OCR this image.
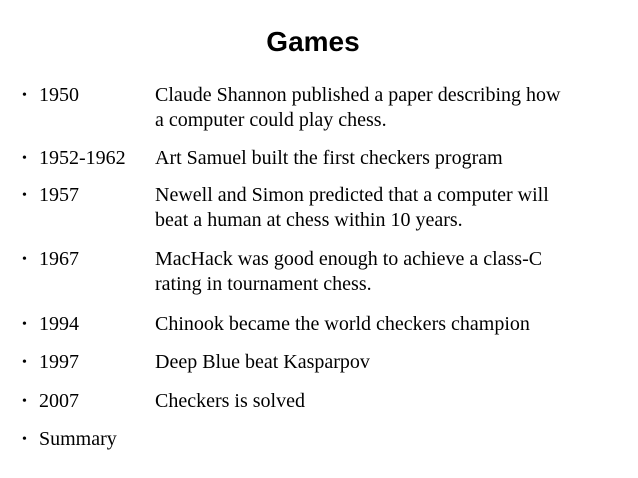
Games
• 1950	Claude Shannon published a paper describing how
a computer could play chess.
• 1952-1962 Art Samuel built the first checkers program
• 1957	Newell and Simon predicted that a computer will
beat a human at chess within 10 years.
• 1967	MacHack was good enough to achieve a class-C
rating in tournament chess.
• 1994	Chinook became the world checkers champion
• 1997	Deep Blue beat Kasparpov
• 2007	Checkers is solved
• Summary
